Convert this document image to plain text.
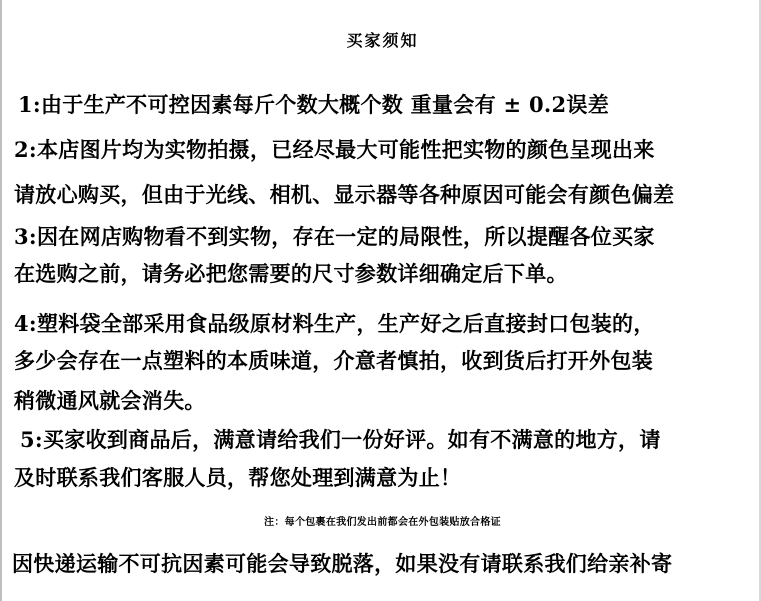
买家须知
1:由于生产不可控因素每斤个数大概个数 重量会有 ± 0.2误差
2:本店图片均为实物拍摄，已经尽最大可能性把实物的颜色呈现出来
请放心购买，但由于光线、相机、显示器等各种原因可能会有颜色偏差
3:因在网店购物看不到实物，存在一定的局限性，所以提醒各位买家
在选购之前，请务必把您需要的尺寸参数详细确定后下单。
4:塑料袋全部采用食品级原材料生产，生产好之后直接封口包装的，
多少会存在一点塑料的本质味道，介意者慎拍，收到货后打开外包装
稍微通风就会消失。
5:买家收到商品后，满意请给我们一份好评。如有不满意的地方，请
及时联系我们客服人员，帮您处理到满意为止！
注：每个包裹在我们发出前都会在外包装贴放合格证
因快递运输不可抗因素可能会导致脱落，如果没有请联系我们给亲补寄
